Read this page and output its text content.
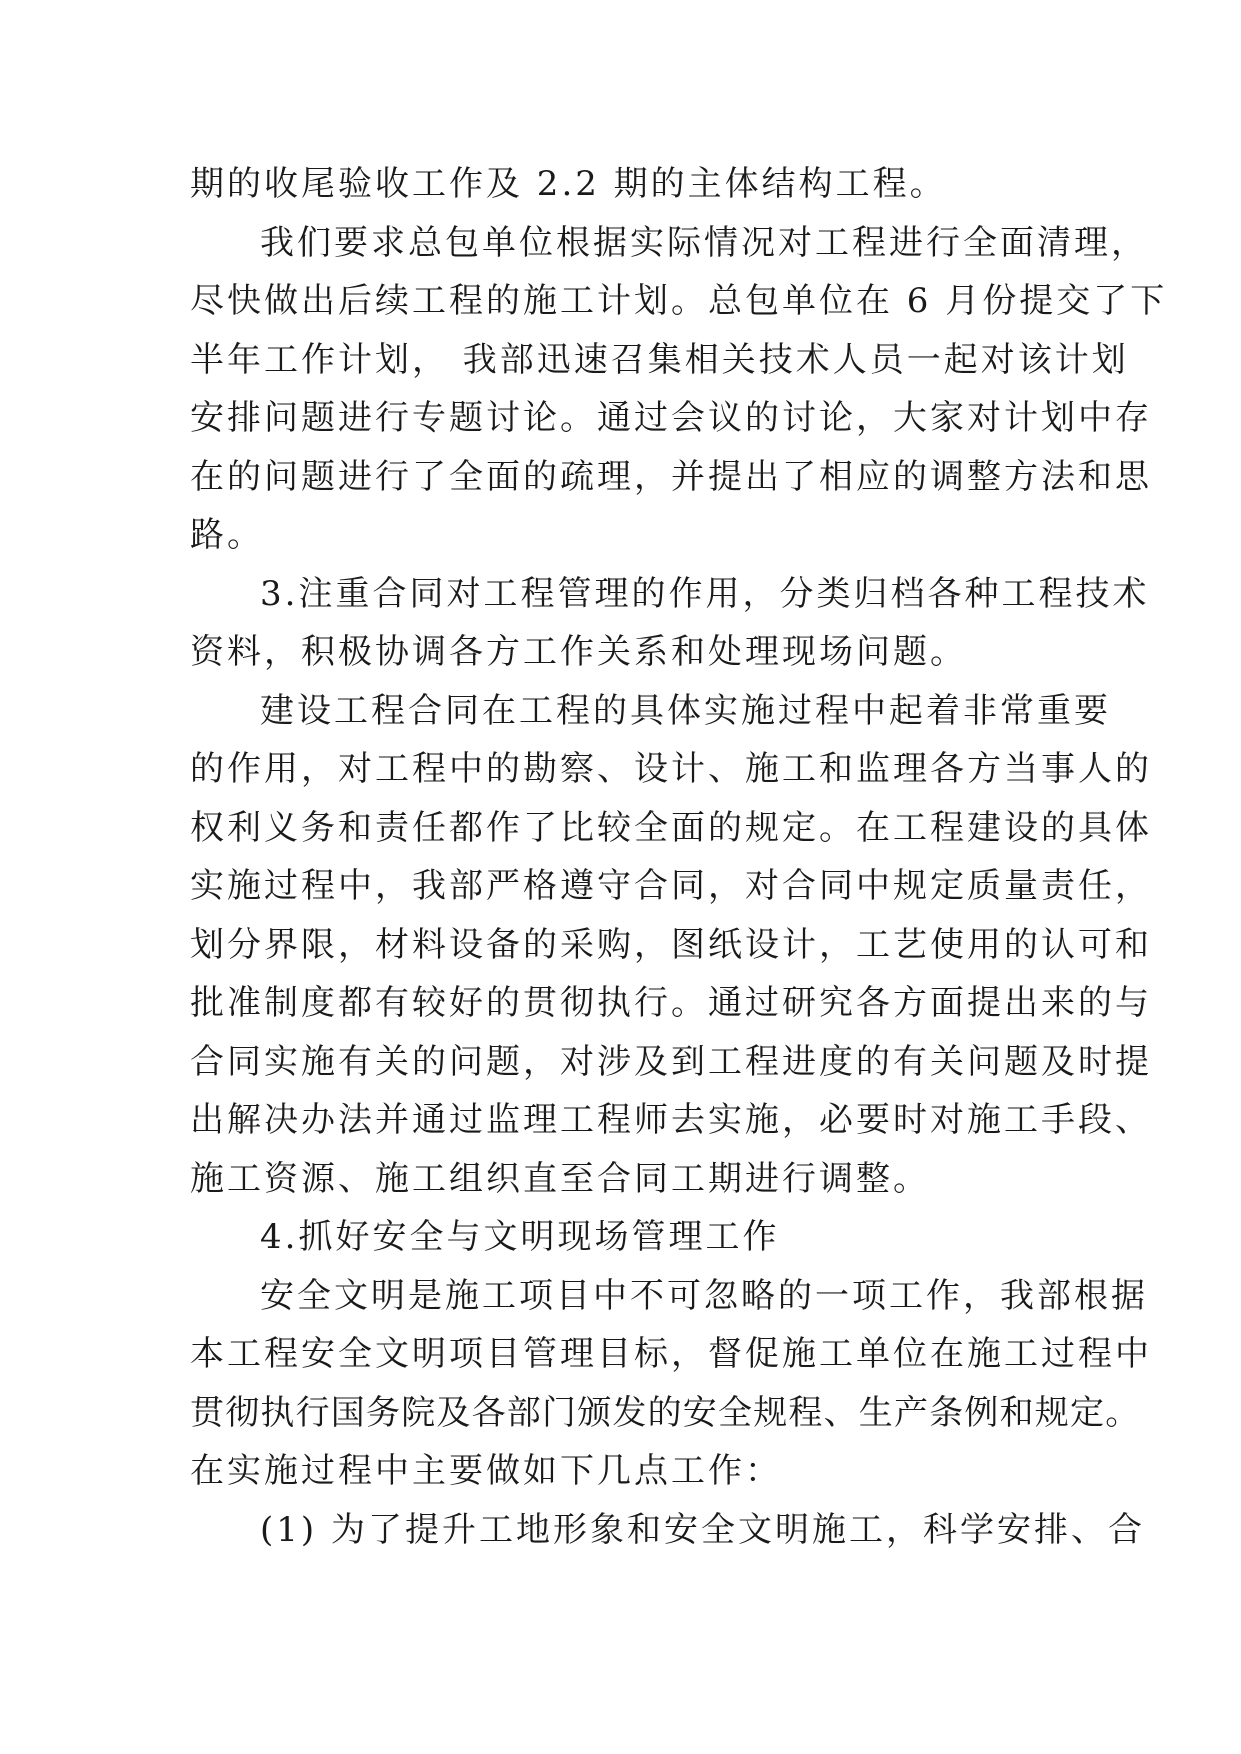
期的收尾验收工作及 2.2 期的主体结构工程。
我们要求总包单位根据实际情况对工程进行全面清理，
尽快做出后续工程的施工计划。总包单位在 6 月份提交了下
半年工作计划， 我部迅速召集相关技术人员一起对该计划
安排问题进行专题讨论。通过会议的讨论，大家对计划中存
在的问题进行了全面的疏理，并提出了相应的调整方法和思
路。
3.注重合同对工程管理的作用，分类归档各种工程技术
资料，积极协调各方工作关系和处理现场问题。
建设工程合同在工程的具体实施过程中起着非常重要
的作用，对工程中的勘察、设计、施工和监理各方当事人的
权利义务和责任都作了比较全面的规定。在工程建设的具体
实施过程中，我部严格遵守合同，对合同中规定质量责任，
划分界限，材料设备的采购，图纸设计，工艺使用的认可和
批准制度都有较好的贯彻执行。通过研究各方面提出来的与
合同实施有关的问题，对涉及到工程进度的有关问题及时提
出解决办法并通过监理工程师去实施，必要时对施工手段、
施工资源、施工组织直至合同工期进行调整。
4.抓好安全与文明现场管理工作
安全文明是施工项目中不可忽略的一项工作，我部根据
本工程安全文明项目管理目标，督促施工单位在施工过程中
贯彻执行国务院及各部门颁发的安全规程、生产条例和规定。
在实施过程中主要做如下几点工作：
(1) 为了提升工地形象和安全文明施工，科学安排、合
